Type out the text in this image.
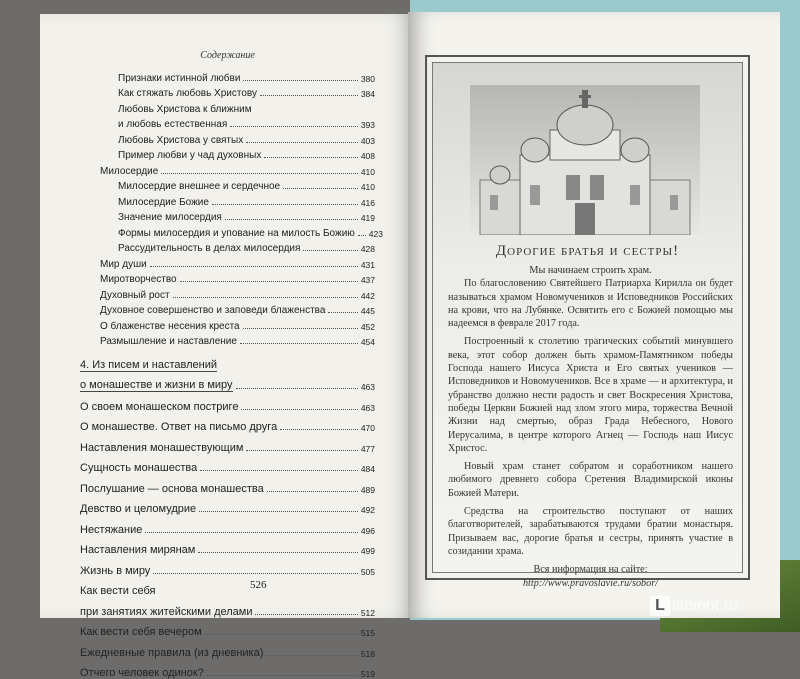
Содержание
526
Признаки истинной любви	380
Как стяжать любовь Христову	384
Любовь Христова к ближним
и любовь естественная	393
Любовь Христова у святых	403
Пример любви у чад духовных	408
Милосердие	410
Милосердие внешнее и сердечное	410
Милосердие Божие	416
Значение милосердия	419
Формы милосердия и упование на милость Божию 423
Рассудительность в делах милосердия	428
Мир души	431
Миротворчество	437
Духовный рост	442
Духовное совершенство и заповеди блаженства	445
О блаженстве несения креста	452
Размышление и наставление	454
4. Из писем и наставлений
о монашестве и жизни в миру	463
О своем монашеском постриге	463
О монашестве. Ответ на письмо друга	470
Наставления монашествующим	477
Сущность монашества	484
Послушание — основа монашества	489
Девство и целомудрие	492
Нестяжание	496
Наставления мирянам	499
Жизнь в миру	505
Как вести себя
при занятиях житейскими делами	512
Как вести себя вечером	515
Ежедневные правила (из дневника)	518
Отчего человек одинок?	519
Дорогие братья и сестры!

Мы начинаем строить храм.

По благословению Святейшего Патриарха Кирилла он будет называться храмом Новомучеников и Исповедников Российских на крови, что на Лубянке. Освятить его с Божией помощью мы надеемся в феврале 2017 года.

Построенный к столетию трагических событий минувшего века, этот собор должен быть храмом-Памятником победы Господа нашего Иисуса Христа и Его святых учеников — Исповедников и Новомучеников. Все в храме — и архитектура, и убранство должно нести радость и свет Воскресения Христова, победы Церкви Божией над злом этого мира, торжества Вечной Жизни над смертью, образ Града Небесного, Нового Иерусалима, в центре которого Агнец — Господь наш Иисус Христос.

Новый храм станет собратом и соработником нашего любимого древнего собора Сретения Владимирской иконы Божией Матери.

Средства на строительство поступают от наших благотворителей, зарабатываются трудами братии монастыря. Призываем вас, дорогие братья и сестры, принять участие в созидании храма.

Вся информация на сайте:

http://www.pravoslavie.ru/sobor/

L labirint.ru
